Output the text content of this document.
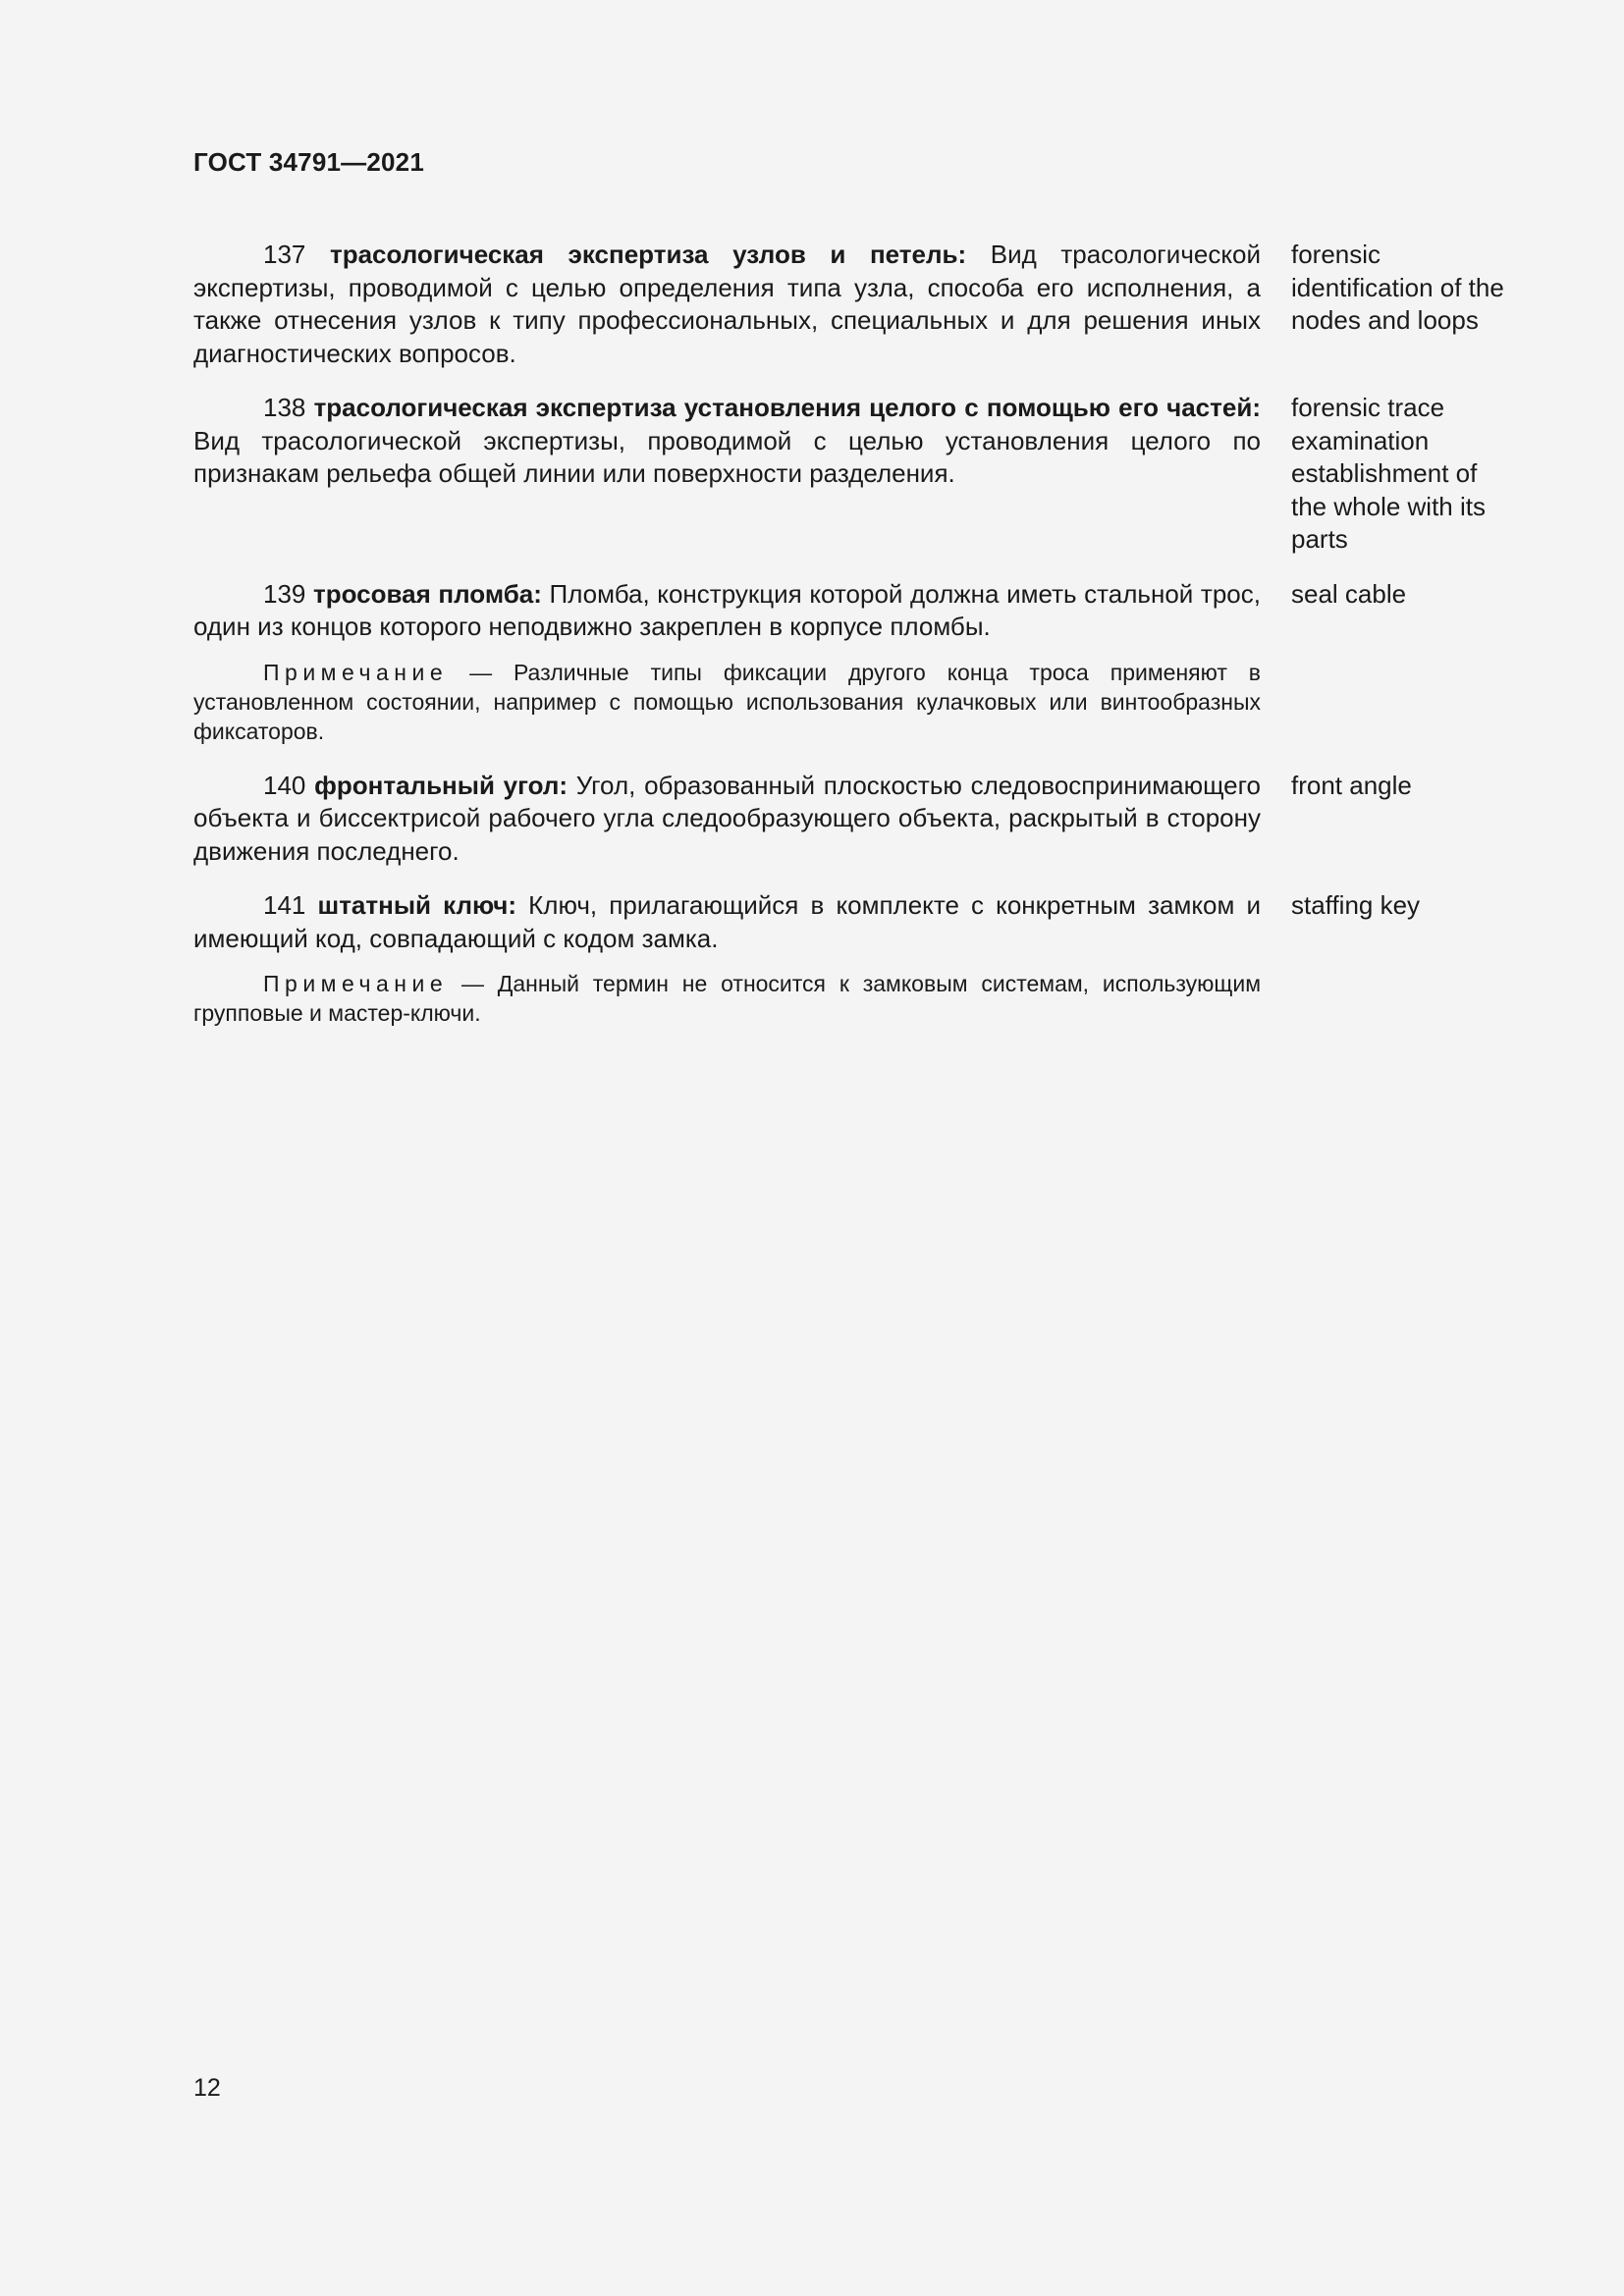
ГОСТ 34791—2021

137 трасологическая экспертиза узлов и петель: Вид трасологической экспертизы, проводимой с целью определения типа узла, способа его исполнения, а также отнесения узлов к типу профессиональных, специальных и для решения иных диагностических вопросов.

forensic identification of the nodes and loops

138 трасологическая экспертиза установления целого с помощью его частей: Вид трасологической экспертизы, проводимой с целью установления целого по признакам рельефа общей линии или поверхности разделения.

forensic trace examination establishment of the whole with its parts

139 тросовая пломба: Пломба, конструкция которой должна иметь стальной трос, один из концов которого неподвижно закреплен в корпусе пломбы.

seal cable

Примечание — Различные типы фиксации другого конца троса применяют в установленном состоянии, например с помощью использования кулачковых или винтообразных фиксаторов.

140 фронтальный угол: Угол, образованный плоскостью следовоспринимающего объекта и биссектрисой рабочего угла следообразующего объекта, раскрытый в сторону движения последнего.

front angle

141 штатный ключ: Ключ, прилагающийся в комплекте с конкретным замком и имеющий код, совпадающий с кодом замка.

staffing key

Примечание — Данный термин не относится к замковым системам, использующим групповые и мастер-ключи.

12
